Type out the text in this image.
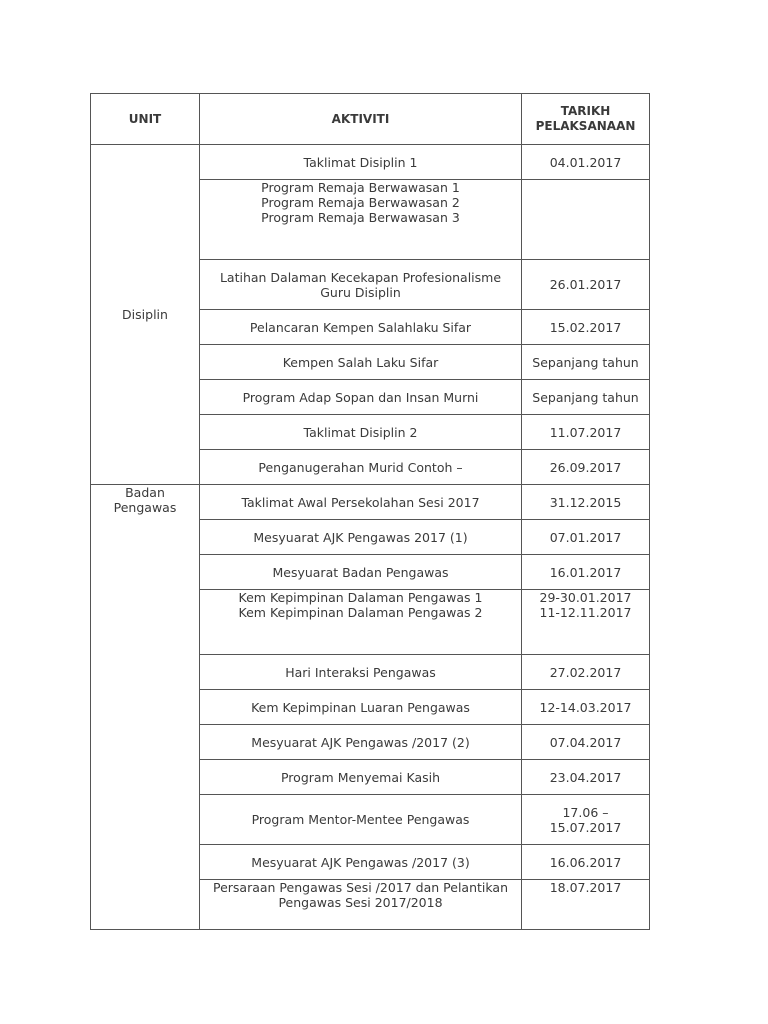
UNIT	AKTIVITI	TARIKH
PELAKSANAAN

Disiplin	Taklimat Disiplin 1	04.01.2017

	Program Remaja Berwawasan 1
Program Remaja Berwawasan 2
Program Remaja Berwawasan 3	

	Latihan Dalaman Kecekapan Profesionalisme
Guru Disiplin	26.01.2017

	Pelancaran Kempen Salahlaku Sifar	15.02.2017

	Kempen Salah Laku Sifar	Sepanjang tahun

	Program Adap Sopan dan Insan Murni	Sepanjang tahun

	Taklimat Disiplin 2	11.07.2017

	Penganugerahan Murid Contoh –	26.09.2017

Badan
Pengawas	Taklimat Awal Persekolahan Sesi 2017	31.12.2015

	Mesyuarat AJK Pengawas 2017 (1)	07.01.2017

	Mesyuarat Badan Pengawas	16.01.2017

	Kem Kepimpinan Dalaman Pengawas 1
Kem Kepimpinan Dalaman Pengawas 2	29-30.01.2017
11-12.11.2017

	Hari Interaksi Pengawas	27.02.2017

	Kem Kepimpinan Luaran Pengawas	12-14.03.2017

	Mesyuarat AJK Pengawas /2017 (2)	07.04.2017

	Program Menyemai Kasih	23.04.2017

	Program Mentor-Mentee Pengawas	17.06 –
15.07.2017

	Mesyuarat AJK Pengawas /2017 (3)	16.06.2017

	Persaraan Pengawas Sesi /2017 dan Pelantikan
Pengawas Sesi 2017/2018	18.07.2017
